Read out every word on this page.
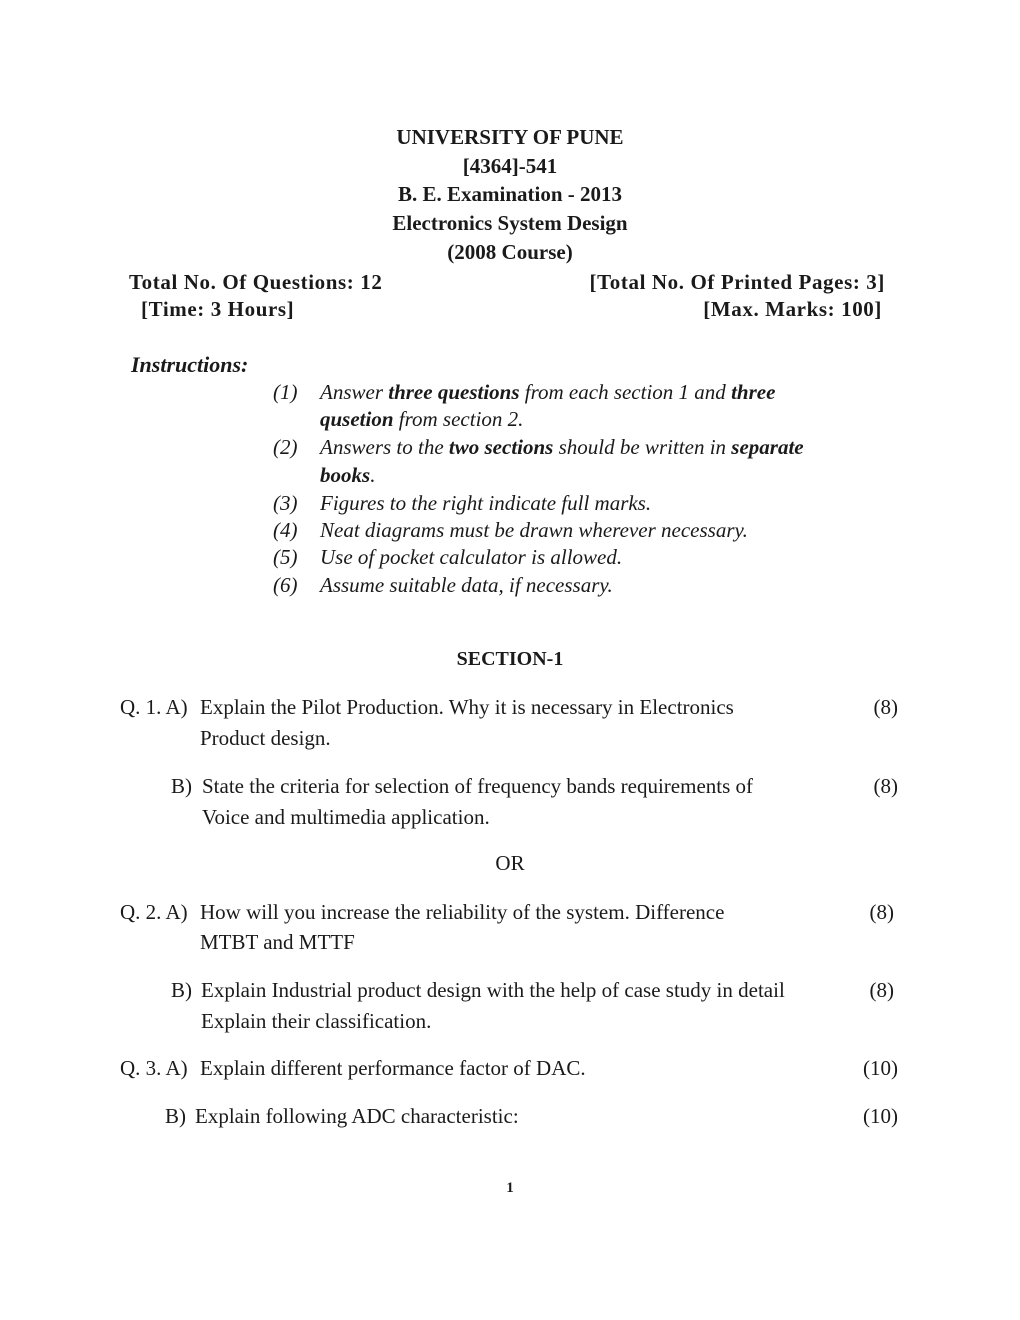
UNIVERSITY OF PUNE
[4364]-541
B. E. Examination - 2013
Electronics System Design
(2008 Course)
Total No. Of Questions: 12	[Total No. Of Printed Pages: 3]
[Time: 3 Hours]	[Max. Marks: 100]
Instructions:
(1) Answer three questions from each section 1 and three
qusetion from section 2.
(2) Answers to the two sections should be written in separate
books.
(3) Figures to the right indicate full marks.
(4) Neat diagrams must be drawn wherever necessary.
(5) Use of pocket calculator is allowed.
(6) Assume suitable data, if necessary.
SECTION-1
Q. 1. A) Explain the Pilot Production. Why it is necessary in Electronics
Product design.
(8)
B) State the criteria for selection of frequency bands requirements of
Voice and multimedia application.
(8)
OR
Q. 2. A) How will you increase the reliability of the system. Difference
MTBT and MTTF
(8)
B) Explain Industrial product design with the help of case study in detail
Explain their classification.
(8)
Q. 3. A) Explain different performance factor of DAC.	(10)
B) Explain following ADC characteristic:	(10)
1
